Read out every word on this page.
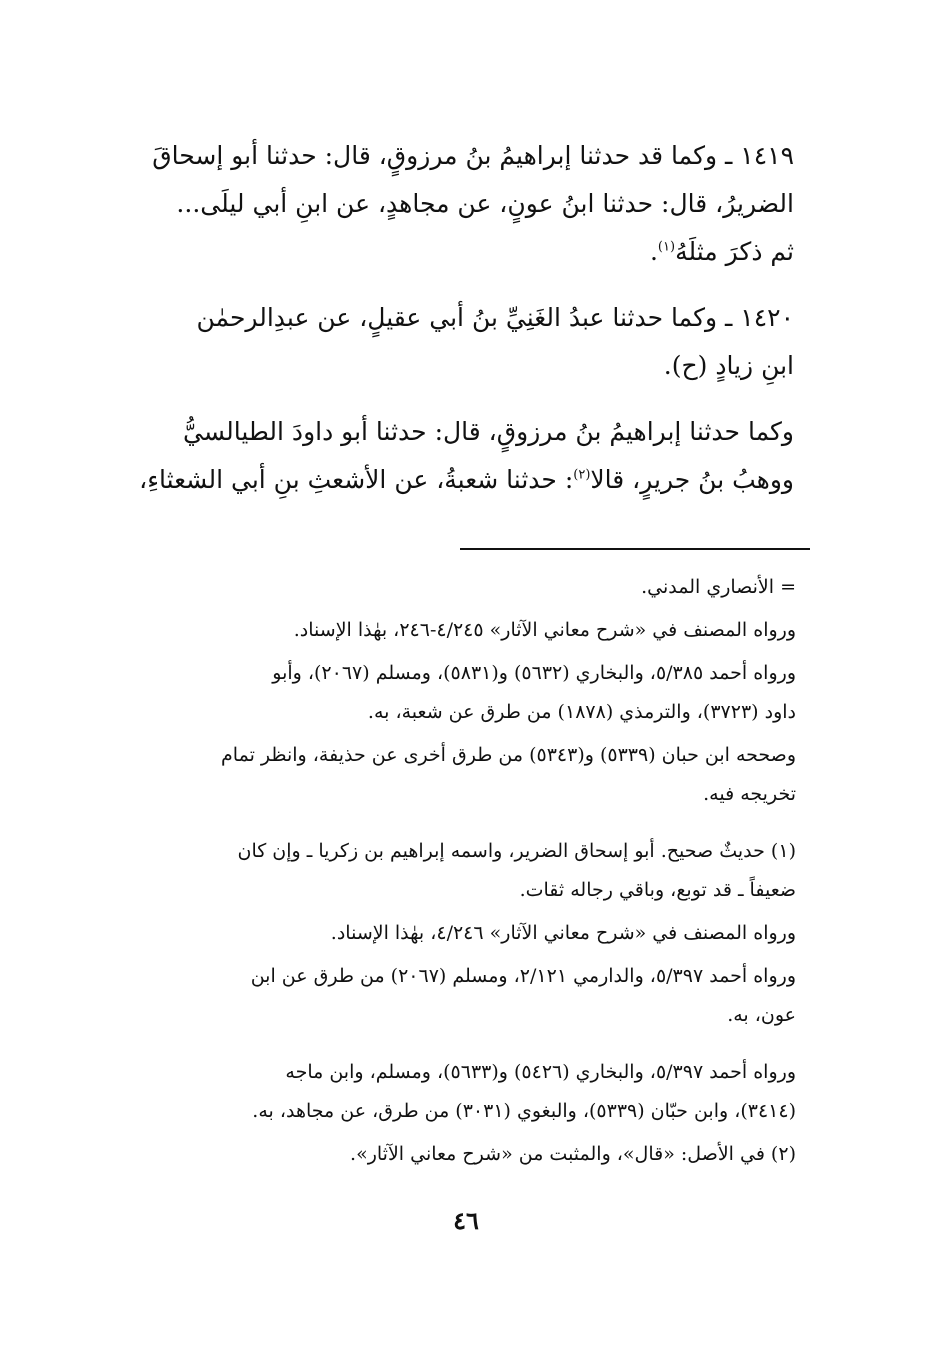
١٤١٩ ـ وكما قد حدثنا إبراهيمُ بنُ مرزوقٍ، قال: حدثنا أبو إسحاقَ
الضريرُ، قال: حدثنا ابنُ عونٍ، عن مجاهدٍ، عن ابنِ أبي ليلَى...
ثم ذكرَ مثلَهُ$^{(١)}$.

١٤٢٠ ـ وكما حدثنا عبدُ الغَنِيِّ بنُ أبي عقيلٍ، عن عبدِالرحمٰن
ابنِ زيادٍ (ح).

وكما حدثنا إبراهيمُ بنُ مرزوقٍ، قال: حدثنا أبو داودَ الطيالسيُّ
ووهبُ بنُ جريرٍ، قالا$^{(٢)}$: حدثنا شعبةُ، عن الأشعثِ بنِ أبي الشعثاءِ،

= الأنصاري المدني.

ورواه المصنف في «شرح معاني الآثار» ٤/٢٤٥-٢٤٦، بهٰذا الإسناد.

ورواه أحمد ٥/٣٨٥، والبخاري (٥٦٣٢) و(٥٨٣١)، ومسلم (٢٠٦٧)، وأبو
داود (٣٧٢٣)، والترمذي (١٨٧٨) من طرق عن شعبة، به.

وصححه ابن حبان (٥٣٣٩) و(٥٣٤٣) من طرق أخرى عن حذيفة، وانظر تمام
تخريجه فيه.

(١) حديثٌ صحيح. أبو إسحاق الضرير، واسمه إبراهيم بن زكريا ـ وإن كان
ضعيفاً ـ قد توبع، وباقي رجاله ثقات.

ورواه المصنف في «شرح معاني الآثار» ٤/٢٤٦، بهٰذا الإسناد.

ورواه أحمد ٥/٣٩٧، والدارمي ٢/١٢١، ومسلم (٢٠٦٧) من طرق عن ابن
عون، به.

ورواه أحمد ٥/٣٩٧، والبخاري (٥٤٢٦) و(٥٦٣٣)، ومسلم، وابن ماجه
(٣٤١٤)، وابن حبّان (٥٣٣٩)، والبغوي (٣٠٣١) من طرق، عن مجاهد، به.

(٢) في الأصل: «قال»، والمثبت من «شرح معاني الآثار».

٤٦
